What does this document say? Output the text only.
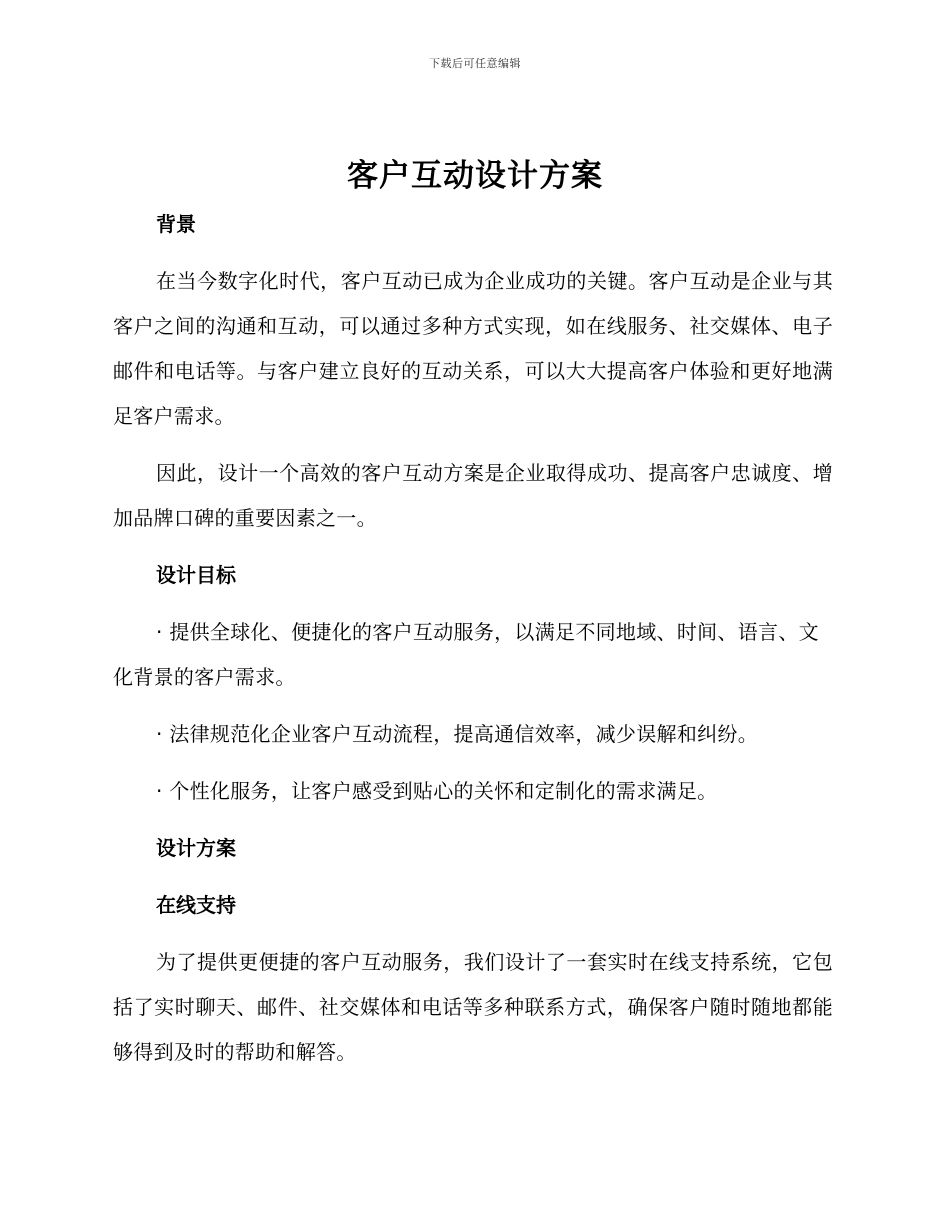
下载后可任意编辑
客户互动设计方案
背景
在当今数字化时代，客户互动已成为企业成功的关键。客户互动是企业与其客户之间的沟通和互动，可以通过多种方式实现，如在线服务、社交媒体、电子邮件和电话等。与客户建立良好的互动关系，可以大大提高客户体验和更好地满足客户需求。
因此，设计一个高效的客户互动方案是企业取得成功、提高客户忠诚度、增加品牌口碑的重要因素之一。
设计目标
· 提供全球化、便捷化的客户互动服务，以满足不同地域、时间、语言、文化背景的客户需求。
· 法律规范化企业客户互动流程，提高通信效率，减少误解和纠纷。
· 个性化服务，让客户感受到贴心的关怀和定制化的需求满足。
设计方案
在线支持
为了提供更便捷的客户互动服务，我们设计了一套实时在线支持系统，它包括了实时聊天、邮件、社交媒体和电话等多种联系方式，确保客户随时随地都能够得到及时的帮助和解答。
